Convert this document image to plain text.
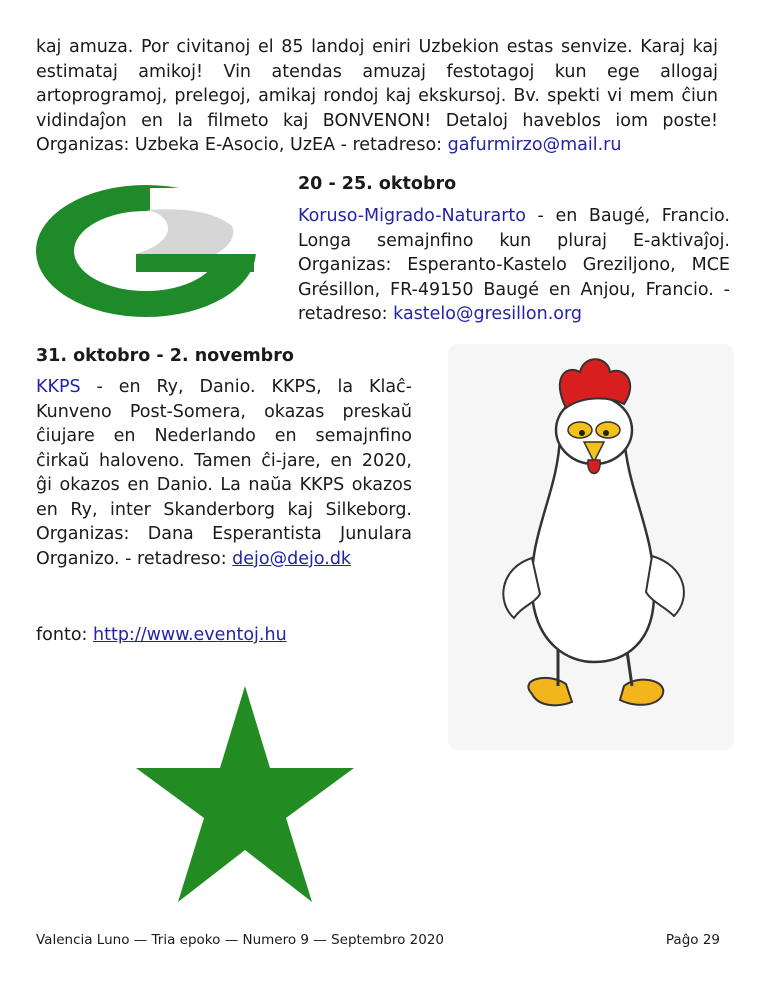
kaj amuza. Por civitanoj el 85 landoj eniri Uzbekion estas senvize. Karaj kaj
estimataj amikoj! Vin atendas amuzaj festotagoj kun ege allogaj
artoprogramoj, prelegoj, amikaj rondoj kaj ekskursoj. Bv. spekti vi mem ĉiun
vidindaĵon en la filmeto kaj BONVENON! Detaloj haveblos iom poste!
Organizas: Uzbeka E-Asocio, UzEA - retadreso: gafurmirzo@mail.ru
20 - 25. oktobro
Koruso-Migrado-Naturarto - en Baugé, Francio.
Longa semajnfino kun pluraj E-aktivaĵoj.
Organizas: Esperanto-Kastelo Greziljono, MCE
Grésillon, FR-49150 Baugé en Anjou, Francio. -
retadreso: kastelo@gresillon.org
31. oktobro - 2. novembro
KKPS - en Ry, Danio. KKPS, la Klaĉ-
Kunveno Post-Somera, okazas preskaŭ
ĉiujare en Nederlando en semajnfino
ĉirkaŭ haloveno. Tamen ĉi-jare, en 2020,
ĝi okazos en Danio. La naŭa KKPS okazos
en Ry, inter Skanderborg kaj Silkeborg.
Organizas: Dana Esperantista Junulara
Organizo. - retadreso: dejo@dejo.dk
fonto: http://www.eventoj.hu
Valencia Luno — Tria epoko — Numero 9 — Septembro 2020	Paĝo 29
